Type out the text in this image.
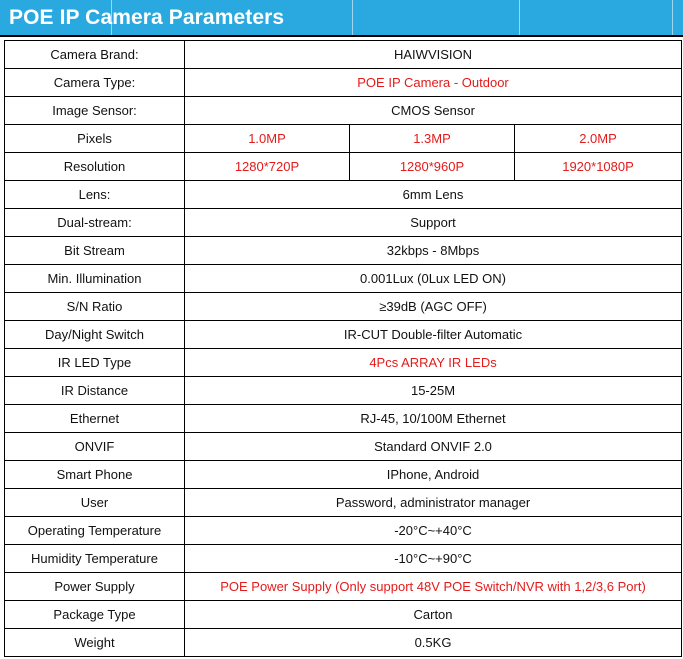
POE IP Camera Parameters
Camera Brand:	HAIWVISION		
Camera Type:	POE IP Camera - Outdoor		
Image Sensor:	CMOS Sensor		
Pixels	1.0MP	1.3MP	2.0MP
Resolution	1280*720P	1280*960P	1920*1080P
Lens:	6mm Lens		
Dual-stream:	Support		
Bit Stream	32kbps - 8Mbps		
Min. Illumination	0.001Lux (0Lux LED ON)		
S/N Ratio	≥39dB (AGC OFF)		
Day/Night Switch	IR-CUT Double-filter Automatic		
IR LED Type	4Pcs ARRAY IR LEDs		
IR Distance	15-25M		
Ethernet	RJ-45, 10/100M Ethernet		
ONVIF	Standard ONVIF 2.0		
Smart Phone	IPhone, Android		
User	Password, administrator manager		
Operating Temperature	-20°C~+40°C		
Humidity Temperature	-10°C~+90°C		
Power Supply	POE Power Supply (Only support 48V POE Switch/NVR with 1,2/3,6 Port)		
Package Type	Carton		
Weight	0.5KG		
